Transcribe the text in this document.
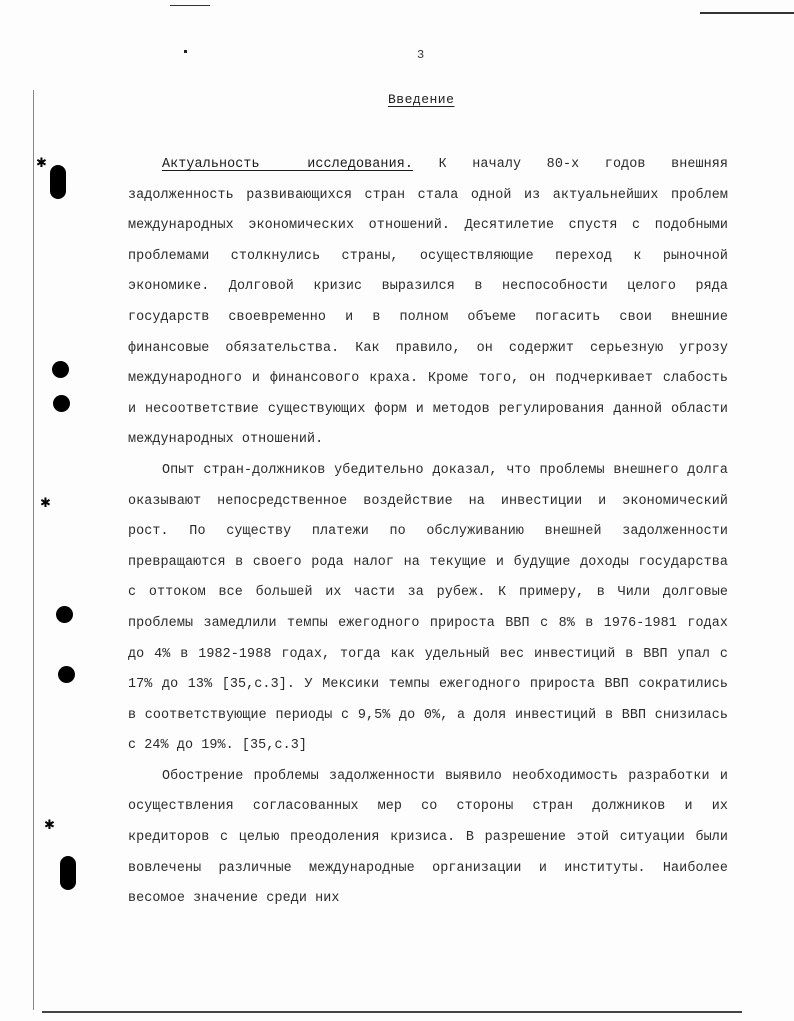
✱
✱
✱
3
Введение

Актуальность исследования. К началу 80-х годов внешняя задолженность развивающихся стран стала одной из актуальнейших проблем международных экономических отношений. Десятилетие спустя с подобными проблемами столкнулись страны, осуществляющие переход к рыночной экономике. Долговой кризис выразился в неспособности целого ряда государств своевременно и в полном объеме погасить свои внешние финансовые обязательства. Как правило, он содержит серьезную угрозу международного и финансового краха. Кроме того, он подчеркивает слабость и несоответствие существующих форм и методов регулирования данной области международных отношений.

Опыт стран-должников убедительно доказал, что проблемы внешнего долга оказывают непосредственное воздействие на инвестиции и экономический рост. По существу платежи по обслуживанию внешней задолженности превращаются в своего рода налог на текущие и будущие доходы государства с оттоком все большей их части за рубеж. К примеру, в Чили долговые проблемы замедлили темпы ежегодного прироста ВВП с 8% в 1976-1981 годах до 4% в 1982-1988 годах, тогда как удельный вес инвестиций в ВВП упал с 17% до 13% [35,с.3]. У Мексики темпы ежегодного прироста ВВП сократились в соответствующие периоды с 9,5% до 0%, а доля инвестиций в ВВП снизилась с 24% до 19%. [35,с.3]

Обострение проблемы задолженности выявило необходимость разработки и осуществления согласованных мер со стороны стран должников и их кредиторов с целью преодоления кризиса. В разрешение этой ситуации были вовлечены различные международные организации и институты. Наиболее весомое значение среди них
